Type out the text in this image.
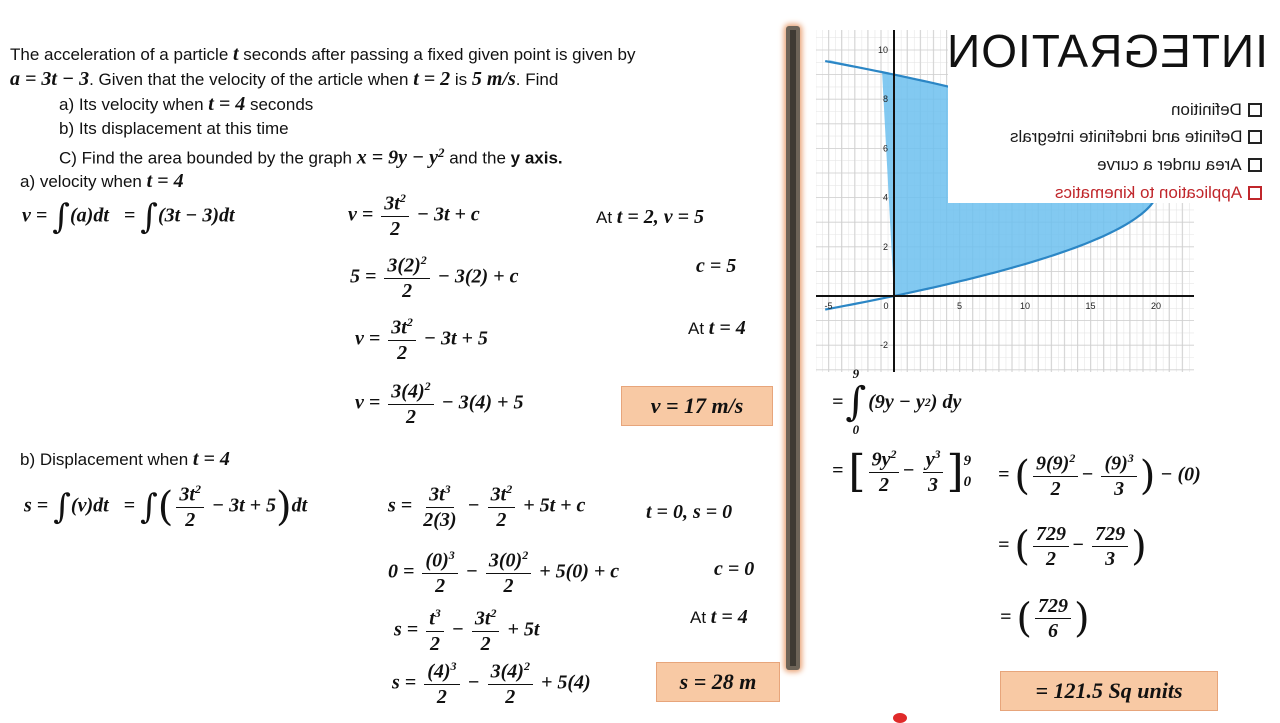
The acceleration of a particle t seconds after passing a fixed given point is given by
a = 3t − 3. Given that the velocity of the article when t = 2 is 5 m/s. Find
a) Its velocity when t = 4 seconds
b) Its displacement at this time
C) Find the area bounded by the graph $x = 9y - y^2$ and the y axis.
a) velocity when t = 4
v = ∫(a)dt   = ∫(3t − 3)dt	$v = \frac{3t^2}{2} - 3t + c$	At t = 2, v = 5
$5 = \frac{3(2)^2}{2} - 3(2) + c$	c = 5
$v = \frac{3t^2}{2} - 3t + 5$	At t = 4
$v = \frac{3(4)^2}{2} - 3(4) + 5$	v = 17 m/s
b) Displacement when t = 4
s = ∫(v)dt   = ∫( $\frac{3t^2}{2} - 3t + 5)dt$	$s = \frac{3t^3}{2(3)} - \frac{3t^2}{2} + 5t + c$	t = 0, s = 0
$0 = \frac{(0)^3}{2} - \frac{3(0)^2}{2} + 5(0) + c$	c = 0
$s = \frac{t^3}{2} - \frac{3t^2}{2} + 5t$
At t = 4
$s = \frac{(4)^3}{2} - \frac{3(4)^2}{2} + 5(4)$	s = 28 m
-5	0	5	10	15	20
10
8
6
4
2
-2
INTEGRATION
Definition
Definite and indefinite integrals
Area under a curve
Application to kinematics
=
9
∫
0
(9y − y 2 ) dy
= [ $\frac{9y^2}{2} - \frac{y^3}{3}$ ] 9
0 = ( $\frac{9(9)^2}{2} - \frac{(9)^3}{3}$ ) − (0)
= ( $\frac{729}{2} - \frac{729}{3}$ )
= ( $\frac{729}{6}$ )
= 121.5 Sq units
